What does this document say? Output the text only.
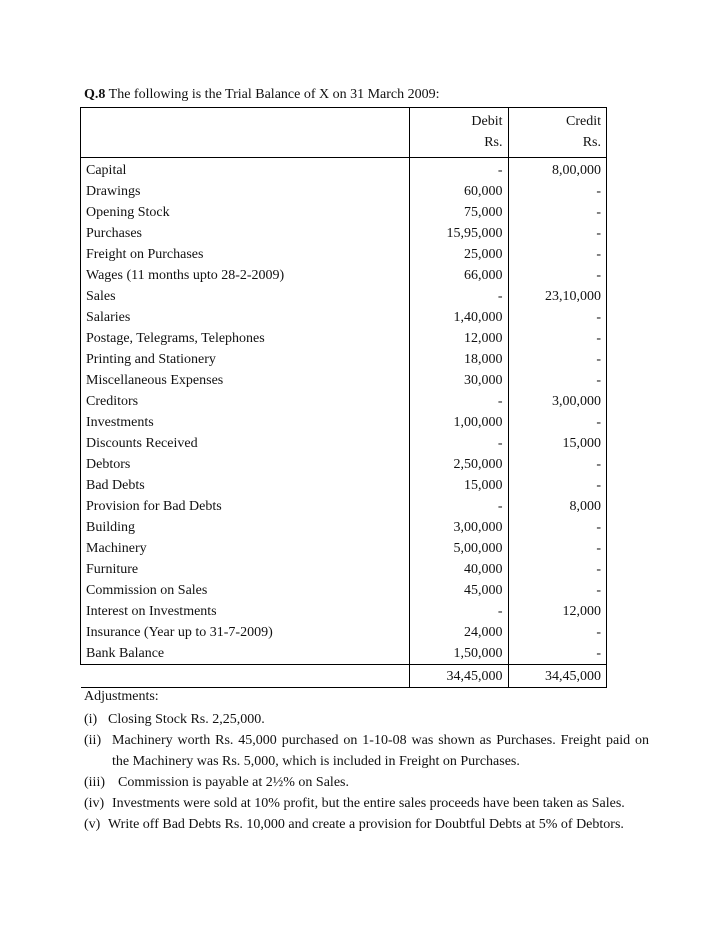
Q.8 The following is the Trial Balance of X on 31 March 2009:
	Debit	Credit
	Rs.	Rs.
Capital	-	8,00,000
Drawings	60,000	-
Opening Stock	75,000	-
Purchases	15,95,000	-
Freight on Purchases	25,000	-
Wages (11 months upto 28-2-2009)	66,000	-
Sales	-	23,10,000
Salaries	1,40,000	-
Postage, Telegrams, Telephones	12,000	-
Printing and Stationery	18,000	-
Miscellaneous Expenses	30,000	-
Creditors	-	3,00,000
Investments	1,00,000	-
Discounts Received	-	15,000
Debtors	2,50,000	-
Bad Debts	15,000	-
Provision for Bad Debts	-	8,000
Building	3,00,000	-
Machinery	5,00,000	-
Furniture	40,000	-
Commission on Sales	45,000	-
Interest on Investments	-	12,000
Insurance (Year up to 31-7-2009)	24,000	-
Bank Balance	1,50,000	-
	34,45,000	34,45,000
Adjustments:
(i) Closing Stock Rs. 2,25,000.
(ii) Machinery worth Rs. 45,000 purchased on 1-10-08 was shown as Purchases. Freight paid on the Machinery was Rs. 5,000, which is included in Freight on Purchases.
(iii) Commission is payable at 2½% on Sales.
(iv) Investments were sold at 10% profit, but the entire sales proceeds have been taken as Sales.
(v) Write off Bad Debts Rs. 10,000 and create a provision for Doubtful Debts at 5% of Debtors.
